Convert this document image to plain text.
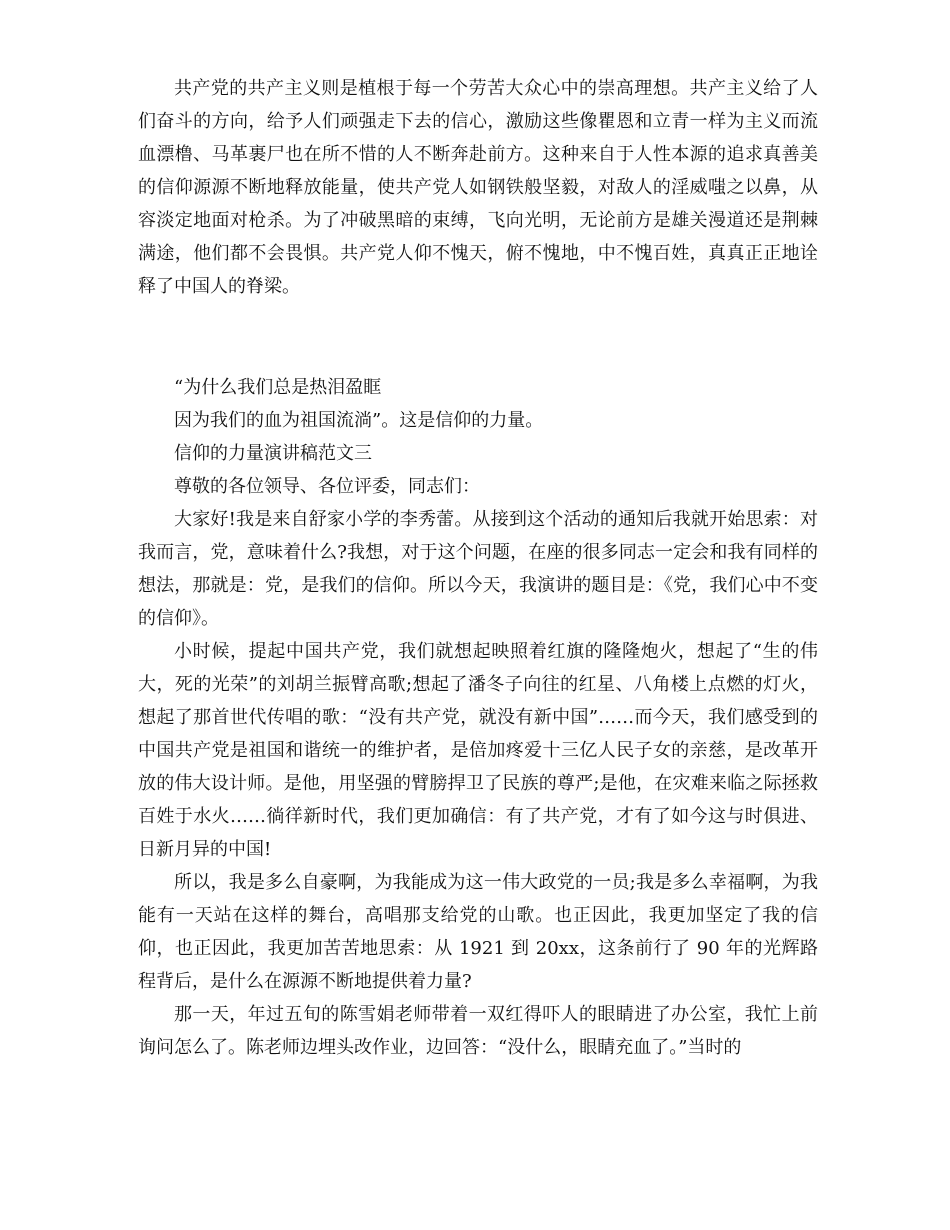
共产党的共产主义则是植根于每一个劳苦大众心中的崇高理想。共产主义给了人们奋斗的方向，给予人们顽强走下去的信心，激励这些像瞿恩和立青一样为主义而流血漂橹、马革裹尸也在所不惜的人不断奔赴前方。这种来自于人性本源的追求真善美的信仰源源不断地释放能量，使共产党人如钢铁般坚毅，对敌人的淫威嗤之以鼻，从容淡定地面对枪杀。为了冲破黑暗的束缚，飞向光明，无论前方是雄关漫道还是荆棘满途，他们都不会畏惧。共产党人仰不愧天，俯不愧地，中不愧百姓，真真正正地诠释了中国人的脊梁。

“为什么我们总是热泪盈眶

因为我们的血为祖国流淌”。这是信仰的力量。

信仰的力量演讲稿范文三

尊敬的各位领导、各位评委，同志们：

大家好!我是来自舒家小学的李秀蕾。从接到这个活动的通知后我就开始思索：对我而言，党，意味着什么?我想，对于这个问题，在座的很多同志一定会和我有同样的想法，那就是：党，是我们的信仰。所以今天，我演讲的题目是：《党，我们心中不变的信仰》。

小时候，提起中国共产党，我们就想起映照着红旗的隆隆炮火，想起了“生的伟大，死的光荣”的刘胡兰振臂高歌;想起了潘冬子向往的红星、八角楼上点燃的灯火，想起了那首世代传唱的歌：“没有共产党，就没有新中国”……而今天，我们感受到的中国共产党是祖国和谐统一的维护者，是倍加疼爱十三亿人民子女的亲慈，是改革开放的伟大设计师。是他，用坚强的臂膀捍卫了民族的尊严;是他，在灾难来临之际拯救百姓于水火……徜徉新时代，我们更加确信：有了共产党，才有了如今这与时俱进、日新月异的中国!

所以，我是多么自豪啊，为我能成为这一伟大政党的一员;我是多么幸福啊，为我能有一天站在这样的舞台，高唱那支给党的山歌。也正因此，我更加坚定了我的信仰，也正因此，我更加苦苦地思索：从 1921 到 20xx，这条前行了 90 年的光辉路程背后，是什么在源源不断地提供着力量?

那一天，年过五旬的陈雪娟老师带着一双红得吓人的眼睛进了办公室，我忙上前询问怎么了。陈老师边埋头改作业，边回答：“没什么，眼睛充血了。”当时的
